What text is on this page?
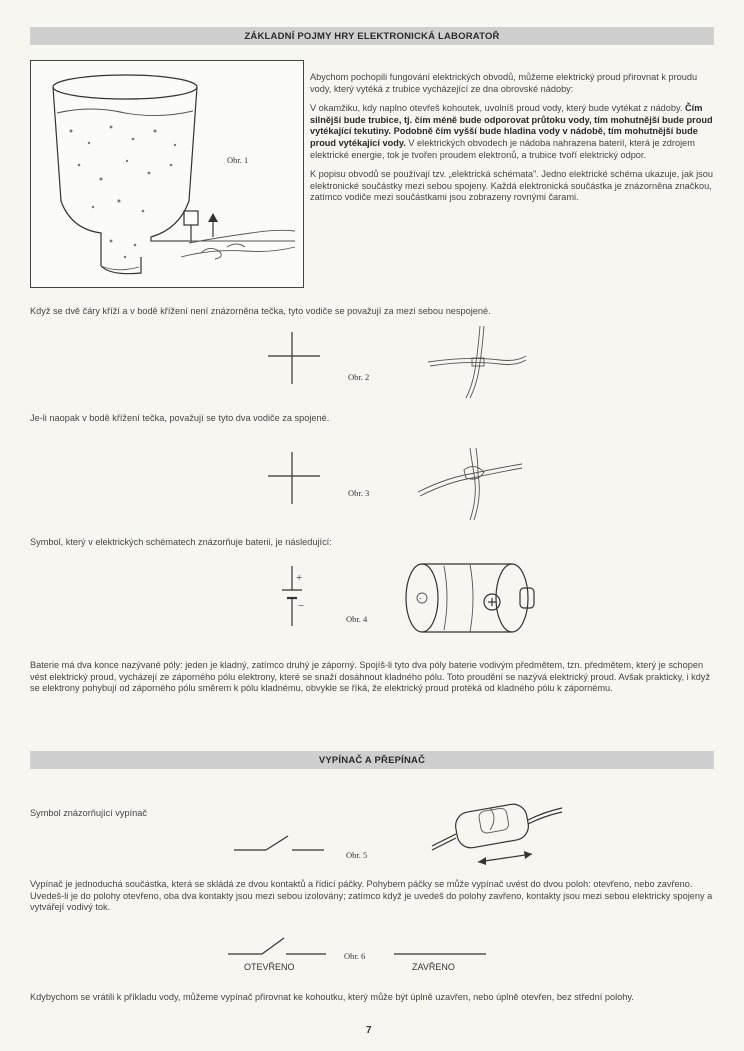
ZÁKLADNÍ POJMY HRY ELEKTRONICKÁ LABORATOŘ
Obr. 1

Abychom pochopili fungování elektrických obvodů, můžeme elektrický proud přirovnat k proudu vody, který vytéká z trubice vycházející ze dna obrovské nádoby:

V okamžiku, kdy naplno otevřeš kohoutek, uvolníš proud vody, který bude vytékat z nádoby. Čím silnější bude trubice, tj. čím méně bude odporovat průtoku vody, tím mohutnější bude proud vytékající tekutiny. Podobně čím vyšší bude hladina vody v nádobě, tím mohutnější bude proud vytékající vody. V elektrických obvodech je nádoba nahrazena baterií, která je zdrojem elektrické energie, tok je tvořen proudem elektronů, a trubice tvoří elektrický odpor.

K popisu obvodů se používají tzv. „elektrická schémata". Jedno elektrické schéma ukazuje, jak jsou elektronické součástky mezi sebou spojeny. Každá elektronická součástka je znázorněna značkou, zatímco vodiče mezi součástkami jsou zobrazeny rovnými čarami.

Když se dvě čáry kříží a v bodě křížení není znázorněna tečka, tyto vodiče se považují za mezi sebou nespojené.
Obr. 2
Je-li naopak v bodě křížení tečka, považují se tyto dva vodiče za spojené.
Obr. 3
Symbol, který v elektrických schématech znázorňuje baterii, je následující:
+
−
Obr. 4
-
Baterie má dva konce nazývané póly: jeden je kladný, zatímco druhý je záporný. Spojíš-li tyto dva póly baterie vodivým předmětem, tzn. předmětem, který je schopen vést elektrický proud, vycházejí ze záporného pólu elektrony, které se snaží dosáhnout kladného pólu. Toto proudění se nazývá elektrický proud. Avšak prakticky, i když se elektrony pohybují od záporného pólu směrem k pólu kladnému, obvykle se říká, že elektrický proud protéká od kladného pólu k zápornému.
VYPÍNAČ A PŘEPÍNAČ
Symbol znázorňující vypínač
Obr. 5
Vypínač je jednoduchá součástka, která se skládá ze dvou kontaktů a řídicí páčky. Pohybem páčky se může vypínač uvést do dvou poloh: otevřeno, nebo zavřeno. Uvedeš-li je do polohy otevřeno, oba dva kontakty jsou mezi sebou izolovány; zatímco když je uvedeš do polohy zavřeno, kontakty jsou mezi sebou elektricky spojeny a vytvářejí vodivý tok.
OTEVŘENO
Obr. 6
ZAVŘENO
Kdybychom se vrátili k příkladu vody, můžeme vypínač přirovnat ke kohoutku, který může být úplně uzavřen, nebo úplně otevřen, bez střední polohy.
7
